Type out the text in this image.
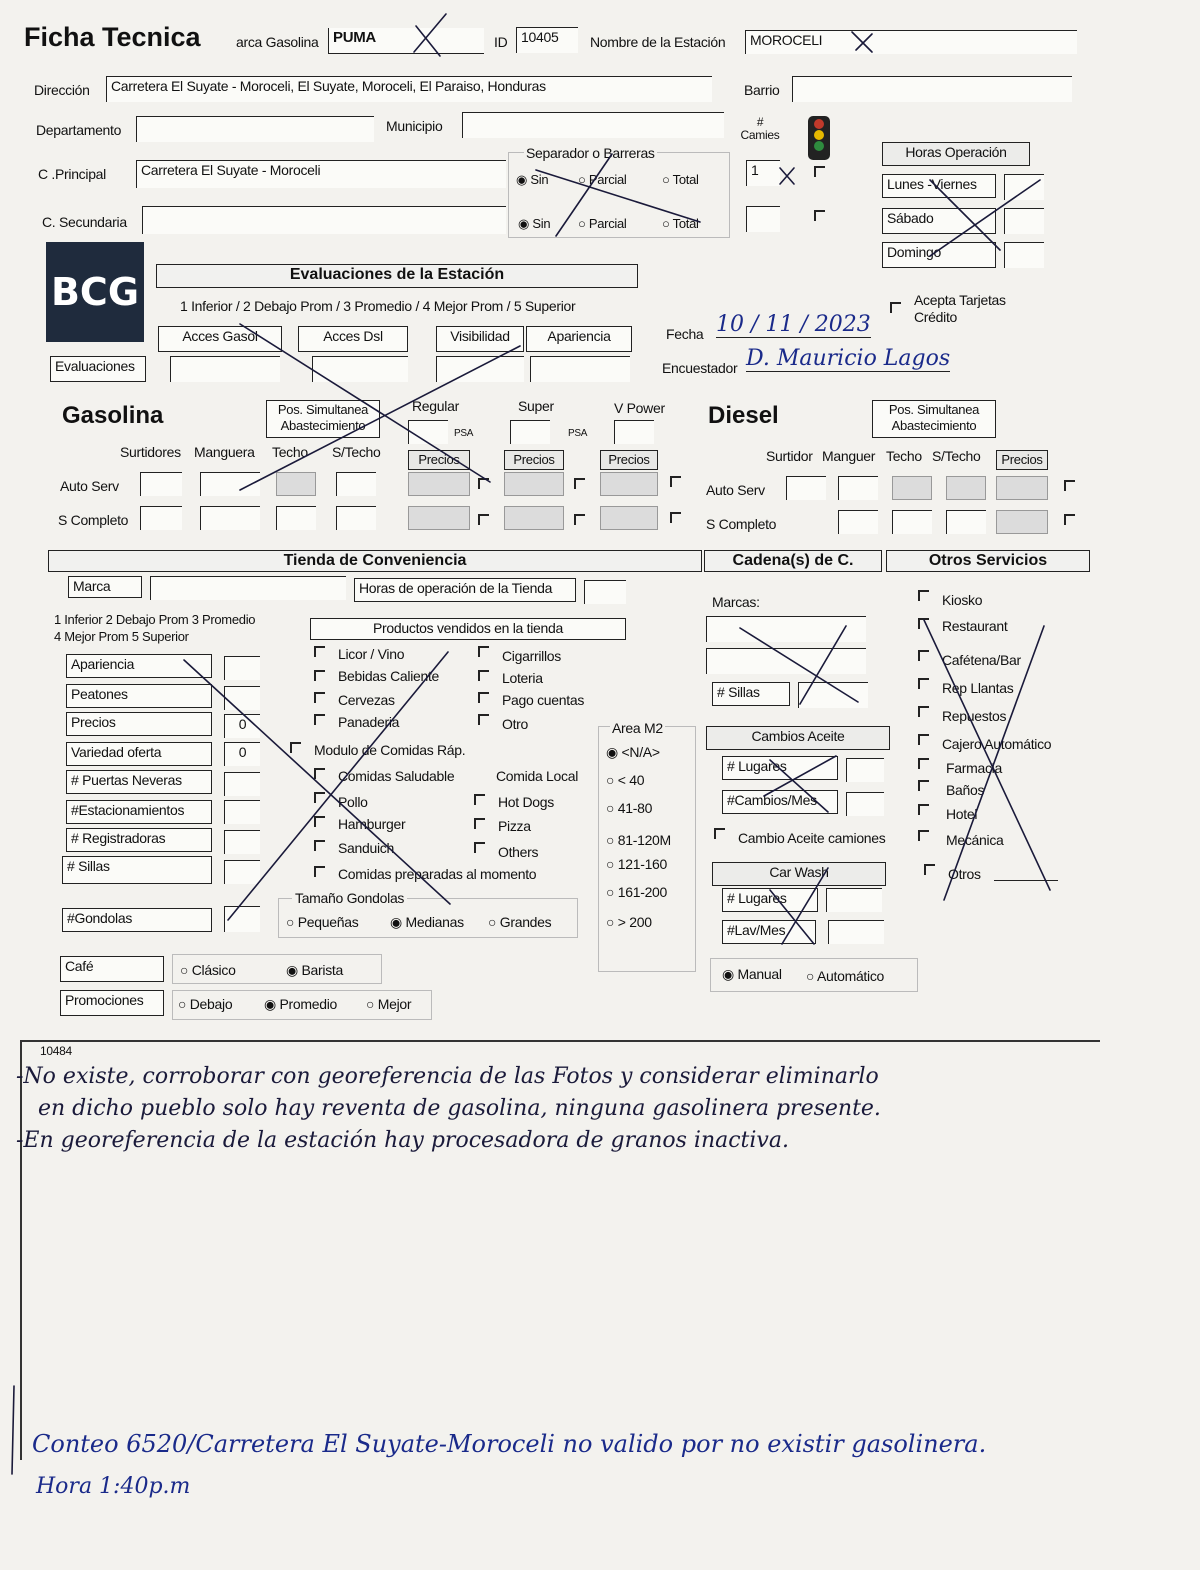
Ficha Tecnica	arca Gasolina PUMA	ID 10405	Nombre de la Estación	MOROCELI
Dirección	Carretera El Suyate - Moroceli, El Suyate, Moroceli, El Paraiso, Honduras	Barrio
Departamento	Municipio
C .Principal	Carretera El Suyate - Moroceli
C. Secundaria
Separador o Barreras
◉ Sin ○ Parcial	○ Total
◉ Sin ○ Parcial	○ Total
# Camies
1
Horas Operación
Lunes -Viernes
Sábado
Domingo
BCG	Evaluaciones de la Estación
1 Inferior / 2 Debajo Prom / 3 Promedio / 4 Mejor Prom / 5 Superior
Acces Gasol	Acces Dsl	Visibilidad	Apariencia
Evaluaciones
Acepta Tarjetas Crédito
Fecha 10 / 11 / 2023
Encuestador D. Mauricio Lagos
Gasolina	Pos. Simultanea Abastecimiento
Regular	Super	V Power
PSA	PSA
Surtidores Manguera Techo S/Techo	Precios	Precios	Precios
Auto Serv
S Completo
Diesel	Pos. Simultanea Abastecimiento
Surtidor Manguer Techo S/Techo	Precios
Auto Serv
S Completo
Tienda de Conveniencia	Cadena(s) de C.	Otros Servicios
Marca	Horas de operación de la Tienda
1 Inferior 2 Debajo Prom 3 Promedio
4 Mejor Prom 5 Superior
Productos vendidos en la tienda
Apariencia
Peatones
Precios	0
Variedad oferta	0
# Puertas Neveras
#Estacionamientos
# Registradoras
# Sillas
#Gondolas
Licor / Vino
Bebidas Caliente
Cervezas
Panaderia
Cigarrillos
Loteria
Pago cuentas
Otro
Modulo de Comidas Ráp.
Comidas Saludable
Pollo
Hamburger
Sanduich
Comida Local
Hot Dogs
Pizza
Others
Comidas preparadas al momento
Tamaño Gondolas
○ Pequeñas ◉ Medianas ○ Grandes
Café	○ Clásico	◉ Barista
Promociones	○ Debajo ◉ Promedio ○ Mejor
Area M2
◉ <N/A>
○ < 40
○ 41-80
○ 81-120M
○ 121-160
○ 161-200
○ > 200
Marcas:
# Sillas
Cambios Aceite
# Lugares
#Cambios/Mes
Cambio Aceite camiones
Car Wash
# Lugares
#Lav/Mes
◉ Manual ○ Automático
Kiosko
Restaurant
Cafétena/Bar
Rep Llantas
Repuestos
Cajero Automático
Farmacia
Baños
Hotel
Mecánica
Otros
10484
-No existe, corroborar con georeferencia de las Fotos y considerar eliminarlo
en dicho pueblo solo hay reventa de gasolina, ninguna gasolinera presente.
-En georeferencia de la estación hay procesadora de granos inactiva.
Conteo 6520/Carretera El Suyate-Moroceli no valido por no existir gasolinera.
Hora 1:40p.m
